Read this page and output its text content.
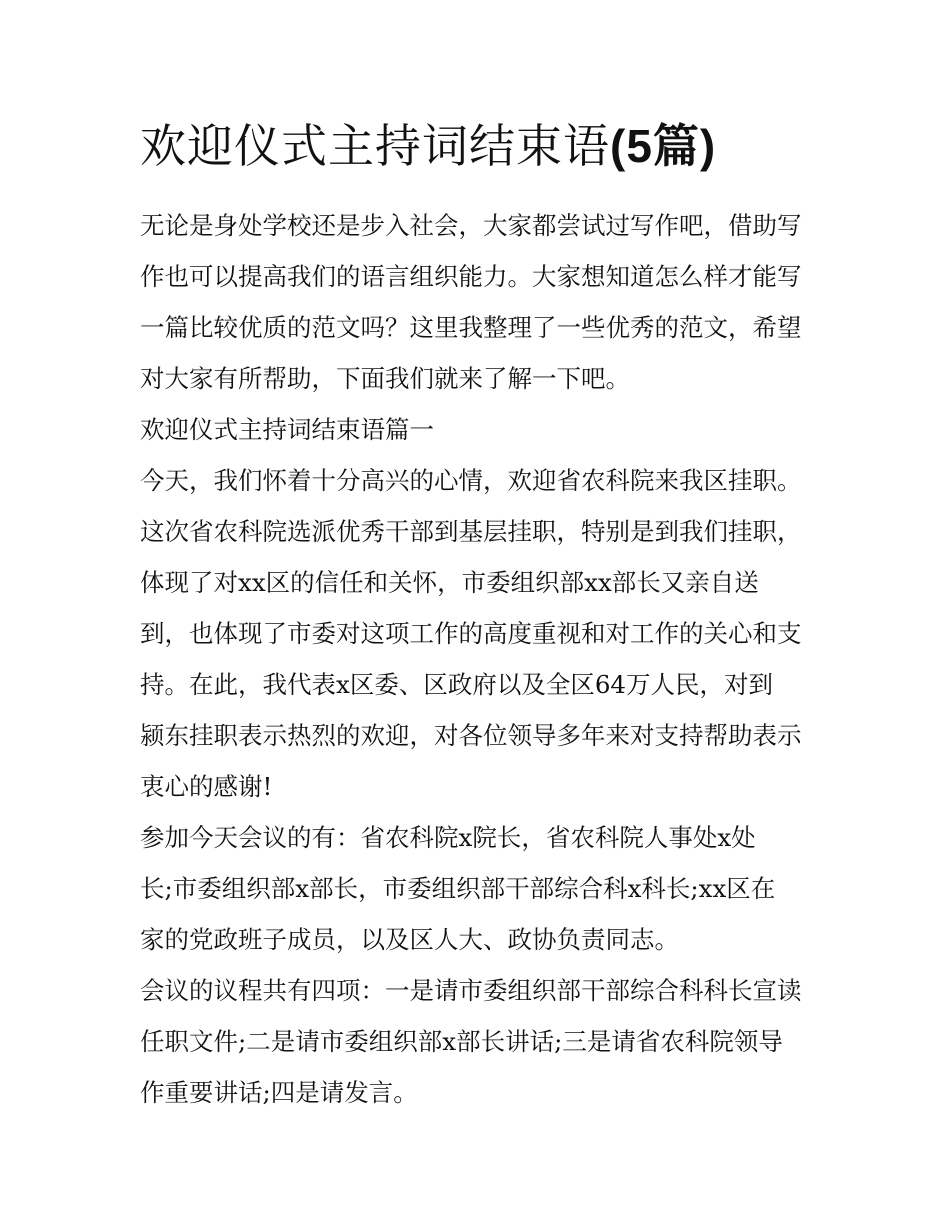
欢迎仪式主持词结束语(5篇)
无论是身处学校还是步入社会，大家都尝试过写作吧，借助写
作也可以提高我们的语言组织能力。大家想知道怎么样才能写
一篇比较优质的范文吗？这里我整理了一些优秀的范文，希望
对大家有所帮助，下面我们就来了解一下吧。
欢迎仪式主持词结束语篇一
今天，我们怀着十分高兴的心情，欢迎省农科院来我区挂职。
这次省农科院选派优秀干部到基层挂职，特别是到我们挂职，
体现了对xx区的信任和关怀，市委组织部xx部长又亲自送
到，也体现了市委对这项工作的高度重视和对工作的关心和支
持。在此，我代表x区委、区政府以及全区64万人民，对到
颍东挂职表示热烈的欢迎，对各位领导多年来对支持帮助表示
衷心的感谢!
参加今天会议的有：省农科院x院长，省农科院人事处x处
长;市委组织部x部长，市委组织部干部综合科x科长;xx区在
家的党政班子成员，以及区人大、政协负责同志。
会议的议程共有四项：一是请市委组织部干部综合科科长宣读
任职文件;二是请市委组织部x部长讲话;三是请省农科院领导
作重要讲话;四是请发言。
